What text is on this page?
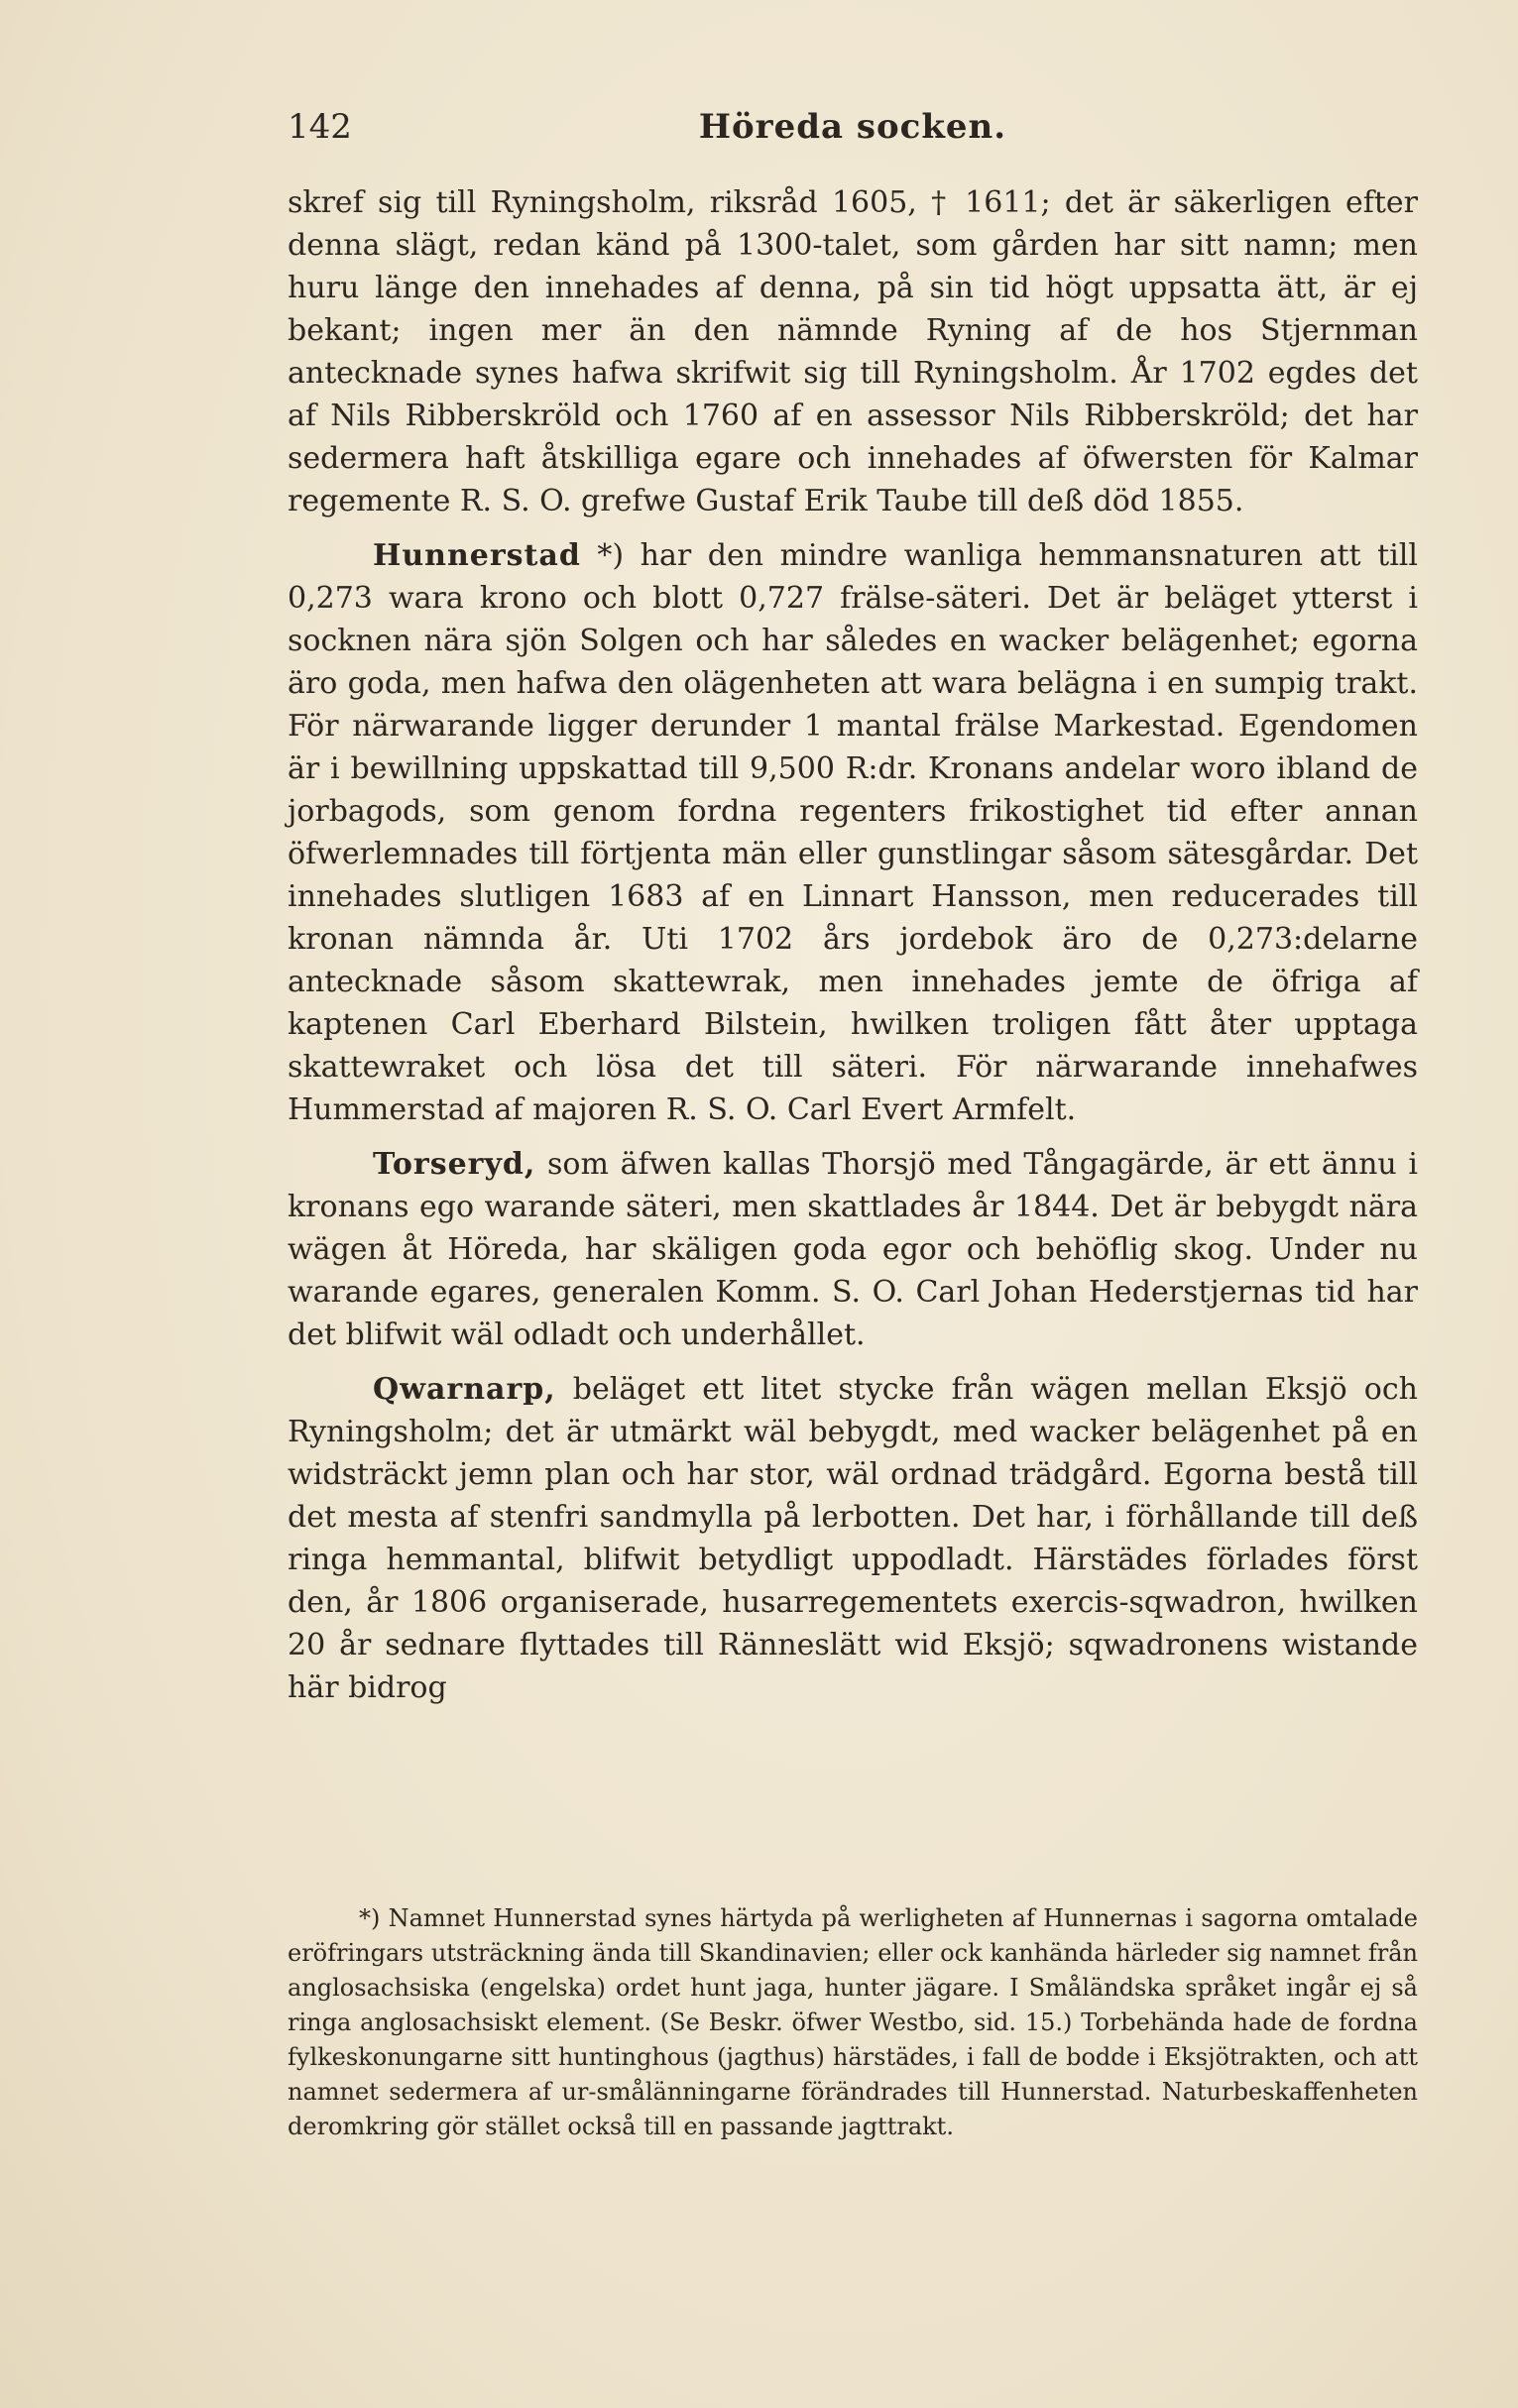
142	Höreda socken.

skref sig till Ryningsholm, riksråd 1605, † 1611; det är säkerligen efter denna slägt, redan känd på 1300-talet, som gården har sitt namn; men huru länge den innehades af denna, på sin tid högt uppsatta ätt, är ej bekant; ingen mer än den nämnde Ryning af de hos Stjernman antecknade synes hafwa skrifwit sig till Ryningsholm. År 1702 egdes det af Nils Ribberskröld och 1760 af en assessor Nils Ribberskröld; det har sedermera haft åtskilliga egare och innehades af öfwersten för Kalmar regemente R. S. O. grefwe Gustaf Erik Taube till deß död 1855.

Hunnerstad *) har den mindre wanliga hemmansnaturen att till 0,273 wara krono och blott 0,727 frälse-säteri. Det är beläget ytterst i socknen nära sjön Solgen och har således en wacker belägenhet; egorna äro goda, men hafwa den olägenheten att wara belägna i en sumpig trakt. För närwarande ligger derunder 1 mantal frälse Markestad. Egendomen är i bewillning uppskattad till 9,500 R:dr. Kronans andelar woro ibland de jorbagods, som genom fordna regenters frikostighet tid efter annan öfwerlemnades till förtjenta män eller gunstlingar såsom sätesgårdar. Det innehades slutligen 1683 af en Linnart Hansson, men reducerades till kronan nämnda år. Uti 1702 års jordebok äro de 0,273:delarne antecknade såsom skattewrak, men innehades jemte de öfriga af kaptenen Carl Eberhard Bilstein, hwilken troligen fått åter upptaga skattewraket och lösa det till säteri. För närwarande innehafwes Hummerstad af majoren R. S. O. Carl Evert Armfelt.

Torseryd, som äfwen kallas Thorsjö med Tångagärde, är ett ännu i kronans ego warande säteri, men skattlades år 1844. Det är bebygdt nära wägen åt Höreda, har skäligen goda egor och behöflig skog. Under nu warande egares, generalen Komm. S. O. Carl Johan Hederstjernas tid har det blifwit wäl odladt och underhållet.

Qwarnarp, beläget ett litet stycke från wägen mellan Eksjö och Ryningsholm; det är utmärkt wäl bebygdt, med wacker belägenhet på en widsträckt jemn plan och har stor, wäl ordnad trädgård. Egorna bestå till det mesta af stenfri sandmylla på lerbotten. Det har, i förhållande till deß ringa hemmantal, blifwit betydligt uppodladt. Härstädes förlades först den, år 1806 organiserade, husarregementets exercis-sqwadron, hwilken 20 år sednare flyttades till Ränneslätt wid Eksjö; sqwadronens wistande här bidrog

*) Namnet Hunnerstad synes härtyda på werligheten af Hunnernas i sagorna omtalade eröfringars utsträckning ända till Skandinavien; eller ock kanhända härleder sig namnet från anglosachsiska (engelska) ordet hunt jaga, hunter jägare. I Småländska språket ingår ej så ringa anglosachsiskt element. (Se Beskr. öfwer Westbo, sid. 15.) Torbehända hade de fordna fylkeskonungarne sitt huntinghous (jagthus) härstädes, i fall de bodde i Eksjötrakten, och att namnet sedermera af ur-smålänningarne förändrades till Hunnerstad. Naturbeskaffenheten deromkring gör stället också till en passande jagttrakt.
